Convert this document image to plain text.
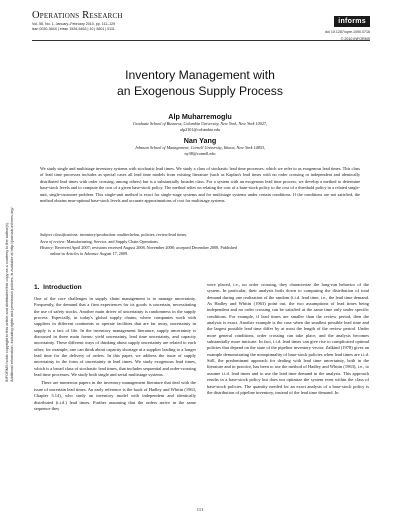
Operations Research
Vol. 58, No. 1, January–February 2010, pp. 111–129
issn 0030-364X | eissn 1526-5463 | 10 | 5801 | 0111
informs
doi 10.1287/opre.1090.0716
© 2010 INFORMS
INFORMS holds copyright to this article and distributed this copy as a courtesy to the author(s). Additional information, including rights and permission policies, is available at http://journals.informs.org/.
Inventory Management with
an Exogenous Supply Process
Alp Muharremoglu
Graduate School of Business, Columbia University, New York, New York 10027,
alp2101@columbia.edu
Nan Yang
Johnson School of Management, Cornell University, Ithaca, New York 14853,
ny38@cornell.edu
We study single and multistage inventory systems with stochastic lead times. We study a class of stochastic lead time processes, which we refer to as exogenous lead times. This class of lead time processes includes as special cases all lead time models from existing literature (such as Kaplan's lead times with no order crossing or independent and identically distributed lead times with order crossing, among others) but is a substantially broader class. For a system with an exogenous lead time process, we develop a method to determine base-stock levels and to compute the cost of a given base-stock policy. The method relies on relating the cost of a base-stock policy to the cost of a threshold policy in a related single-unit, single-customer problem. This single-unit method is exact for single-stage systems and for multistage systems under certain conditions. If the conditions are not satisfied, the method obtains near-optimal base-stock levels and accurate approximations of cost for multistage systems.
Subject classifications: inventory/production: multiechelon, policies, review/lead times.
Area of review: Manufacturing, Service, and Supply Chain Operations.
History: Received April 2007; revisions received August 2008, November 2008; accepted December 2008. Published
online in Articles in Advance August 17, 2009.
1. Introduction

One of the core challenges in supply chain management is to manage uncertainty. Frequently, the demand that a firm experiences for its goods is uncertain, necessitating the use of safety stocks. Another main driver of uncertainty is randomness in the supply process. Especially, in today's global supply chains, where companies work with suppliers in different continents or operate facilities that are far away, uncertainty in supply is a fact of life. In the inventory management literature, supply uncertainty is discussed in three main forms: yield uncertainty, lead time uncertainty, and capacity uncertainty. These different ways of thinking about supply uncertainty are related to each other; for example, one can think about capacity shortage at a supplier leading to a longer lead time for the delivery of orders. In this paper, we address the issue of supply uncertainty in the form of uncertainty in lead times. We study exogenous lead times, which is a broad class of stochastic lead times, that includes sequential and order-crossing lead time processes. We study both single and serial multistage systems.

There are numerous papers in the inventory management literature that deal with the issue of uncertain lead times. An early reference is the book of Hadley and Whitin (1963, Chapter 5.14), who study an inventory model with independent and identically distributed (i.i.d.) lead times. Further assuming that the orders arrive in the same sequence they

were placed, i.e., no order crossing, they characterize the long-run behavior of the system. In particular, their analysis boils down to computing the distribution of total demand during one realization of the random (i.i.d. lead time, i.e., the lead time demand. As Hadley and Whitin (1963) point out, the two assumptions of lead times being independent and no order crossing can be satisfied at the same time only under specific conditions. For example, if lead times are smaller than the review period, then the analysis is exact. Another example is the case when the smallest possible lead time and the largest possible lead time differ by at most the length of the review period. Under more general conditions, order crossing can take place, and the analysis becomes substantially more intricate. In fact, i.i.d. lead times can give rise to complicated optimal policies that depend on the state of the pipeline inventory vector. Zalkind (1978) gives an example demonstrating the nonoptimality of base-stock policies when lead times are i.i.d. Still, the predominant approach for dealing with lead time uncertainty, both in the literature and in practice, has been to use the method of Hadley and Whitin (1963), i.e., to assume i.i.d. lead times and to use the lead time demand in the analysis. This approach results in a base-stock policy but does not optimize the system even within the class of base-stock policies. The quantity needed for an exact analysis of a base-stock policy is the distribution of pipeline inventory, instead of the lead time demand. In

111
